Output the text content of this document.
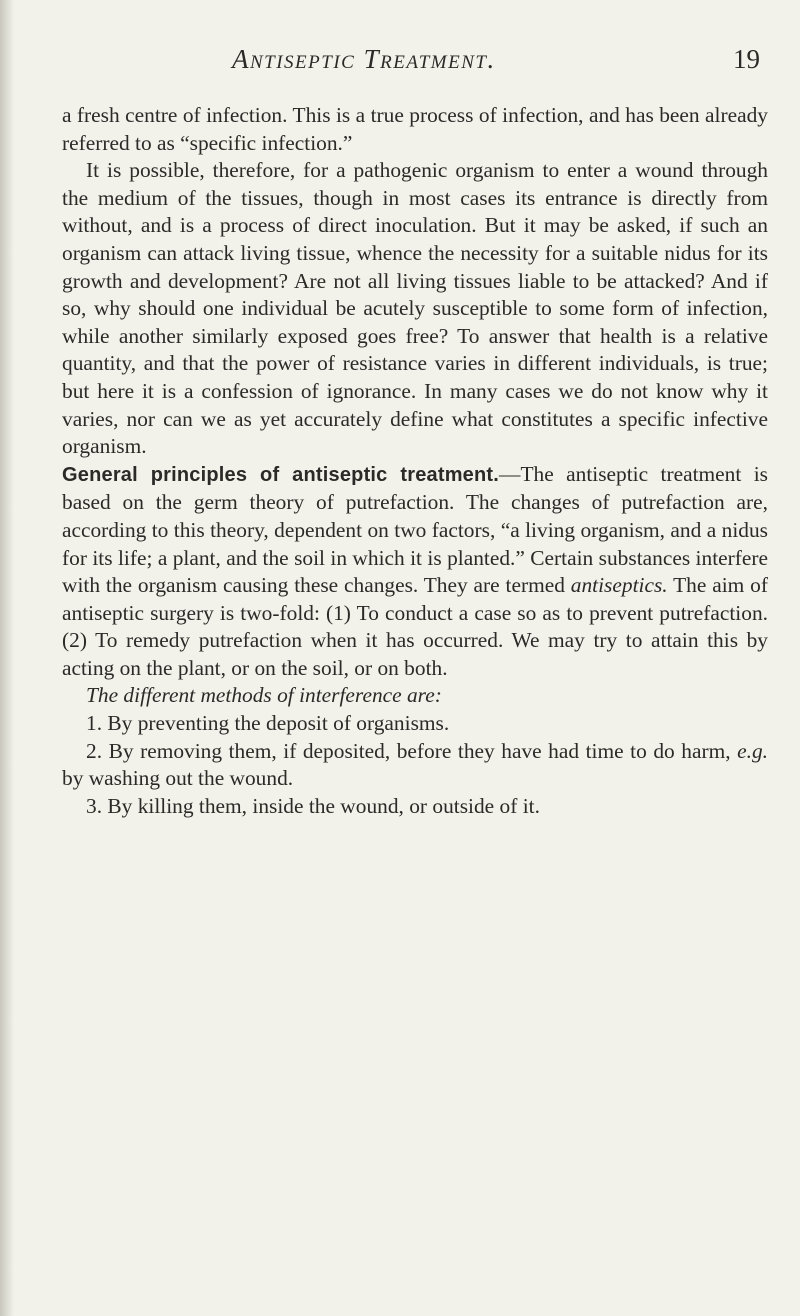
Antiseptic Treatment.	19

a fresh centre of infection. This is a true process of infection, and has been already referred to as “specific infection.”

It is possible, therefore, for a pathogenic organism to enter a wound through the medium of the tissues, though in most cases its entrance is directly from without, and is a process of direct inoculation. But it may be asked, if such an organism can attack living tissue, whence the necessity for a suitable nidus for its growth and development? Are not all living tissues liable to be attacked? And if so, why should one individual be acutely susceptible to some form of infection, while another similarly exposed goes free? To answer that health is a relative quantity, and that the power of resistance varies in different individuals, is true; but here it is a confession of ignorance. In many cases we do not know why it varies, nor can we as yet accurately define what constitutes a specific infective organism.

General principles of antiseptic treatment.—The antiseptic treatment is based on the germ theory of putrefaction. The changes of putrefaction are, according to this theory, dependent on two factors, “a living organism, and a nidus for its life; a plant, and the soil in which it is planted.” Certain substances interfere with the organism causing these changes. They are termed antiseptics. The aim of antiseptic surgery is two-fold: (1) To conduct a case so as to prevent putrefaction. (2) To remedy putrefaction when it has occurred. We may try to attain this by acting on the plant, or on the soil, or on both.

The different methods of interference are:

1. By preventing the deposit of organisms.

2. By removing them, if deposited, before they have had time to do harm, e.g. by washing out the wound.

3. By killing them, inside the wound, or outside of it.
